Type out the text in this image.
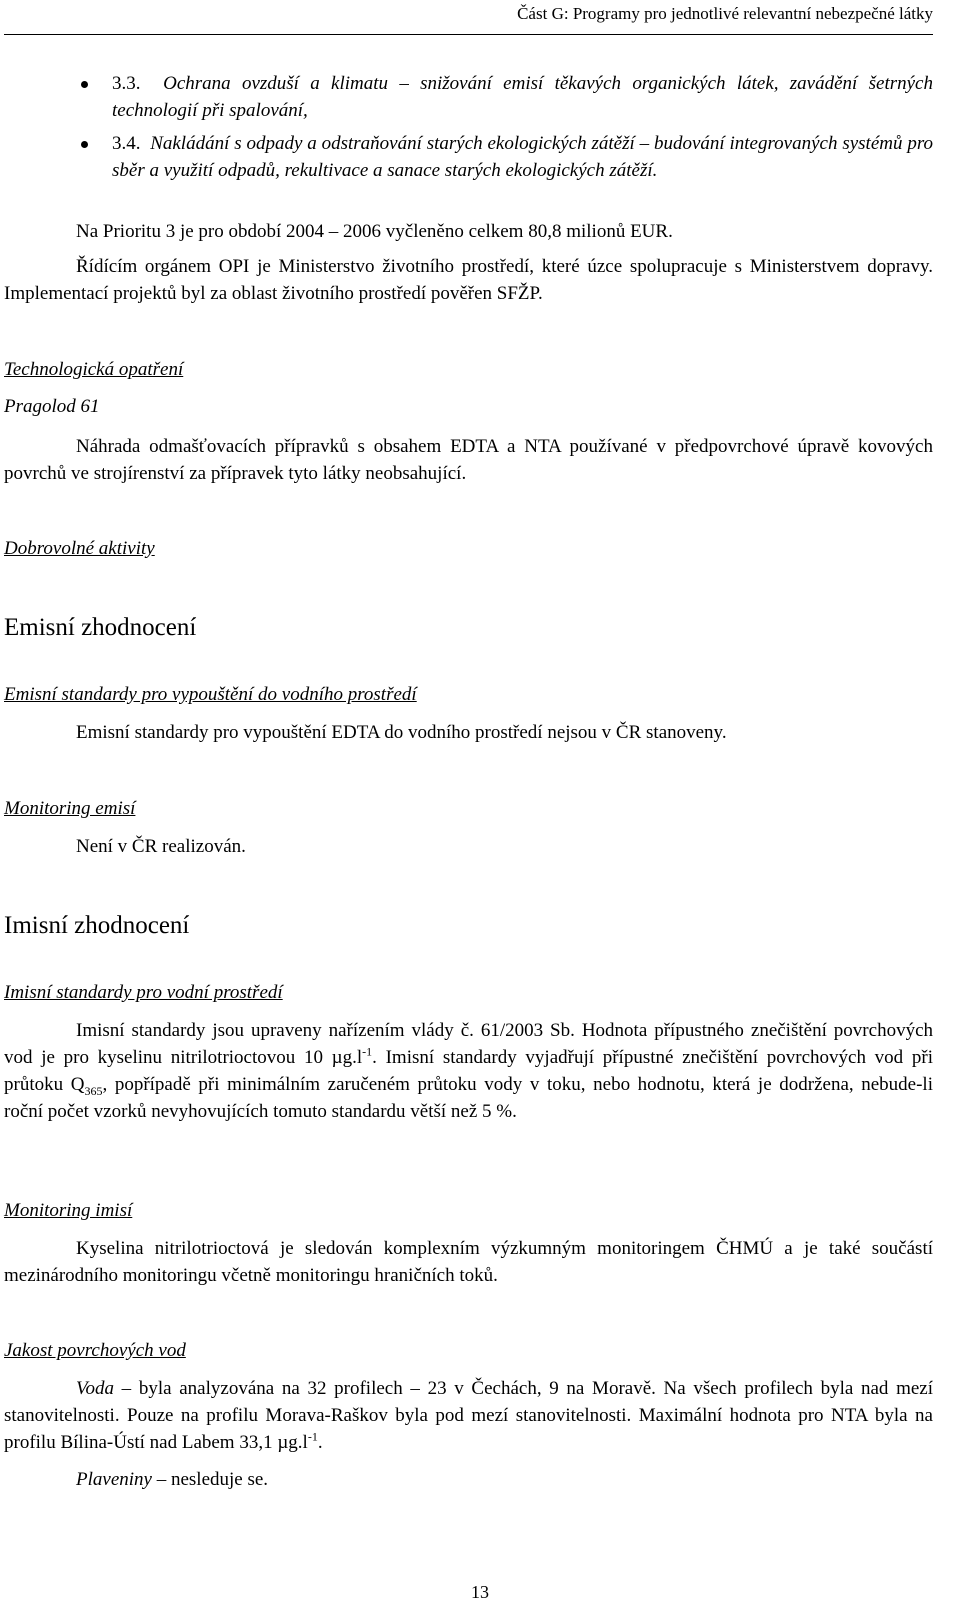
Část G: Programy pro jednotlivé relevantní nebezpečné látky
3.3. Ochrana ovzduší a klimatu – snižování emisí těkavých organických látek, zavádění šetrných technologií při spalování,
3.4. Nakládání s odpady a odstraňování starých ekologických zátěží – budování integrovaných systémů pro sběr a využití odpadů, rekultivace a sanace starých ekologických zátěží.
Na Prioritu 3 je pro období 2004 – 2006 vyčleněno celkem 80,8 milionů EUR.
Řídícím orgánem OPI je Ministerstvo životního prostředí, které úzce spolupracuje s Ministerstvem dopravy. Implementací projektů byl za oblast životního prostředí pověřen SFŽP.
Technologická opatření
Pragolod 61
Náhrada odmašťovacích přípravků s obsahem EDTA a NTA používané v předpovrchové úpravě kovových povrchů ve strojírenství za přípravek tyto látky neobsahující.
Dobrovolné aktivity
Emisní zhodnocení
Emisní standardy pro vypouštění do vodního prostředí
Emisní standardy pro vypouštění EDTA do vodního prostředí nejsou v ČR stanoveny.
Monitoring emisí
Není v ČR realizován.
Imisní zhodnocení
Imisní standardy pro vodní prostředí
Imisní standardy jsou upraveny nařízením vlády č. 61/2003 Sb. Hodnota přípustného znečištění povrchových vod je pro kyselinu nitrilotrioctovou 10 $\mu g.l^{-1}$. Imisní standardy vyjadřují přípustné znečištění povrchových vod při průtoku $Q_{365}$, popřípadě při minimálním zaručeném průtoku vody v toku, nebo hodnotu, která je dodržena, nebude-li roční počet vzorků nevyhovujících tomuto standardu větší než 5 %.
Monitoring imisí
Kyselina nitrilotrioctová je sledován komplexním výzkumným monitoringem ČHMÚ a je také součástí mezinárodního monitoringu včetně monitoringu hraničních toků.
Jakost povrchových vod
Voda – byla analyzována na 32 profilech – 23 v Čechách, 9 na Moravě. Na všech profilech byla nad mezí stanovitelnosti. Pouze na profilu Morava-Raškov byla pod mezí stanovitelnosti. Maximální hodnota pro NTA byla na profilu Bílina-Ústí nad Labem 33,1 $\mu g.l^{-1}$.
Plaveniny – nesleduje se.
13
